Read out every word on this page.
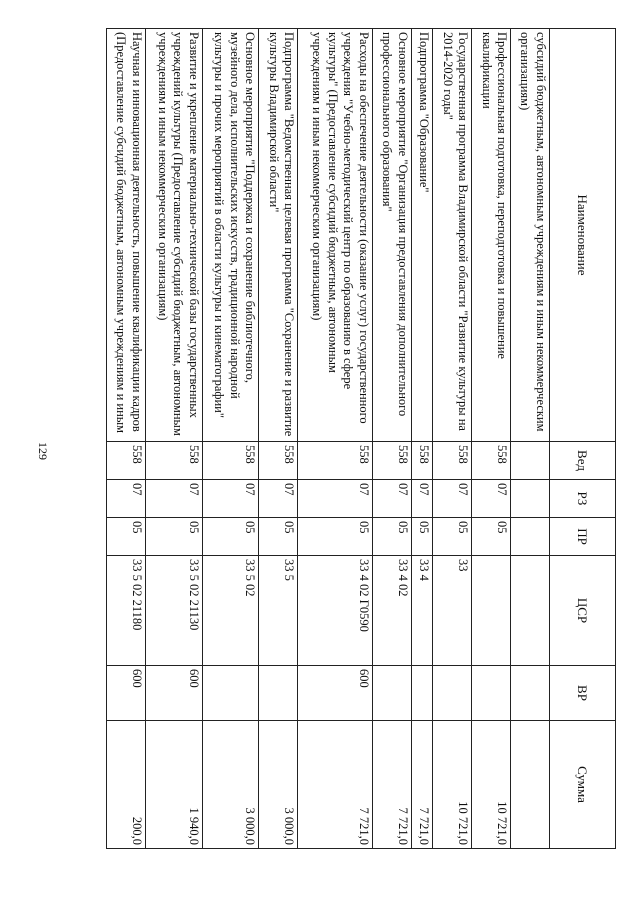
129
Наименование	Вед	РЗ	ПР	ЦСР	ВР	Сумма
субсидий бюджетным, автономным учреждениям и иным некоммерческим организациям)						
Профессиональная подготовка, переподготовка и повышение квалификации	558	07	05			10 721,0
Государственная программа Владимирской области "Развитие культуры на 2014-2020 годы"	558	07	05	33		10 721,0
Подпрограмма "Образование"	558	07	05	33 4		7 721,0
Основное мероприятие "Организация предоставления дополнительного профессионального образования"	558	07	05	33 4 02		7 721,0
Расходы на обеспечение деятельности (оказание услуг) государственного учреждения "Учебно-методический центр по образованию в сфере культуры" (Предоставление субсидий бюджетным, автономным учреждениям и иным некоммерческим организациям)	558	07	05	33 4 02 Г0590	600	7 721,0
Подпрограмма "Ведомственная целевая программа "Сохранение и развитие культуры Владимирской области"	558	07	05	33 5		3 000,0
Основное мероприятие "Поддержка и сохранение библиотечного, музейного дела, исполнительских искусств, традиционной народной культуры и прочих мероприятий в области культуры и кинематографии"	558	07	05	33 5 02		3 000,0
Развитие и укрепление материально-технической базы государственных учреждений культуры (Предоставление субсидий бюджетным, автономным учреждениям и иным некоммерческим организациям)	558	07	05	33 5 02 21130	600	1 940,0
Научная и инновационная деятельность, повышение квалификации кадров (Предоставление субсидий бюджетным, автономным учреждениям и иным	558	07	05	33 5 02 21180	600	200,0
